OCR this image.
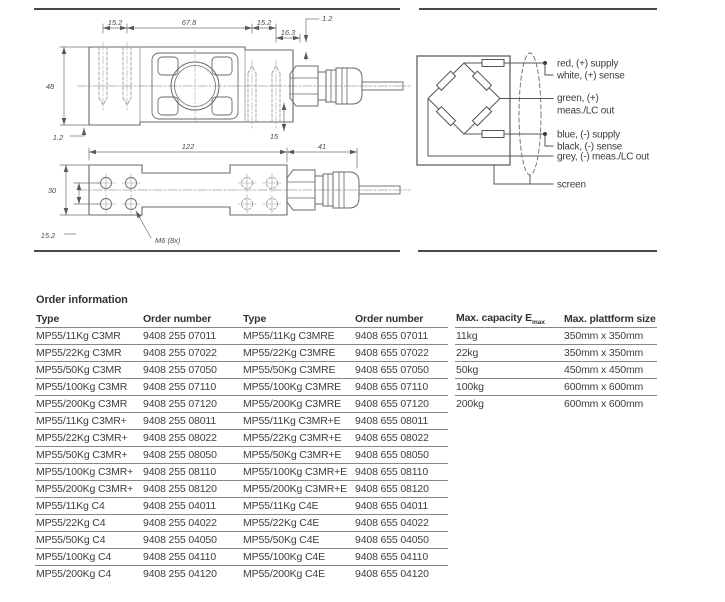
15.2	67.8	15.2
16.3
1.2
48
1.2	15
122	41
30
15.2
M6 (8x)
red, (+) supply
white, (+) sense
green, (+)
meas./LC out
blue, (-) supply
black, (-) sense
grey, (-) meas./LC out
screen
Order information
Type	Order number	Type	Order number
MP55/11Kg C3MR	9408 255 07011	MP55/11Kg C3MRE	9408 655 07011
MP55/22Kg C3MR	9408 255 07022	MP55/22Kg C3MRE	9408 655 07022
MP55/50Kg C3MR	9408 255 07050	MP55/50Kg C3MRE	9408 655 07050
MP55/100Kg C3MR	9408 255 07110	MP55/100Kg C3MRE	9408 655 07110
MP55/200Kg C3MR	9408 255 07120	MP55/200Kg C3MRE	9408 655 07120
MP55/11Kg C3MR+	9408 255 08011	MP55/11Kg C3MR+E	9408 655 08011
MP55/22Kg C3MR+	9408 255 08022	MP55/22Kg C3MR+E	9408 655 08022
MP55/50Kg C3MR+	9408 255 08050	MP55/50Kg C3MR+E	9408 655 08050
MP55/100Kg C3MR+	9408 255 08110	MP55/100Kg C3MR+E	9408 655 08110
MP55/200Kg C3MR+	9408 255 08120	MP55/200Kg C3MR+E	9408 655 08120
MP55/11Kg C4	9408 255 04011	MP55/11Kg C4E	9408 655 04011
MP55/22Kg C4	9408 255 04022	MP55/22Kg C4E	9408 655 04022
MP55/50Kg C4	9408 255 04050	MP55/50Kg C4E	9408 655 04050
MP55/100Kg C4	9408 255 04110	MP55/100Kg C4E	9408 655 04110
MP55/200Kg C4	9408 255 04120	MP55/200Kg C4E	9408 655 04120
Max. capacity $E_{max}$	Max. plattform size
11kg	350mm x 350mm
22kg	350mm x 350mm
50kg	450mm x 450mm
100kg	600mm x 600mm
200kg	600mm x 600mm
